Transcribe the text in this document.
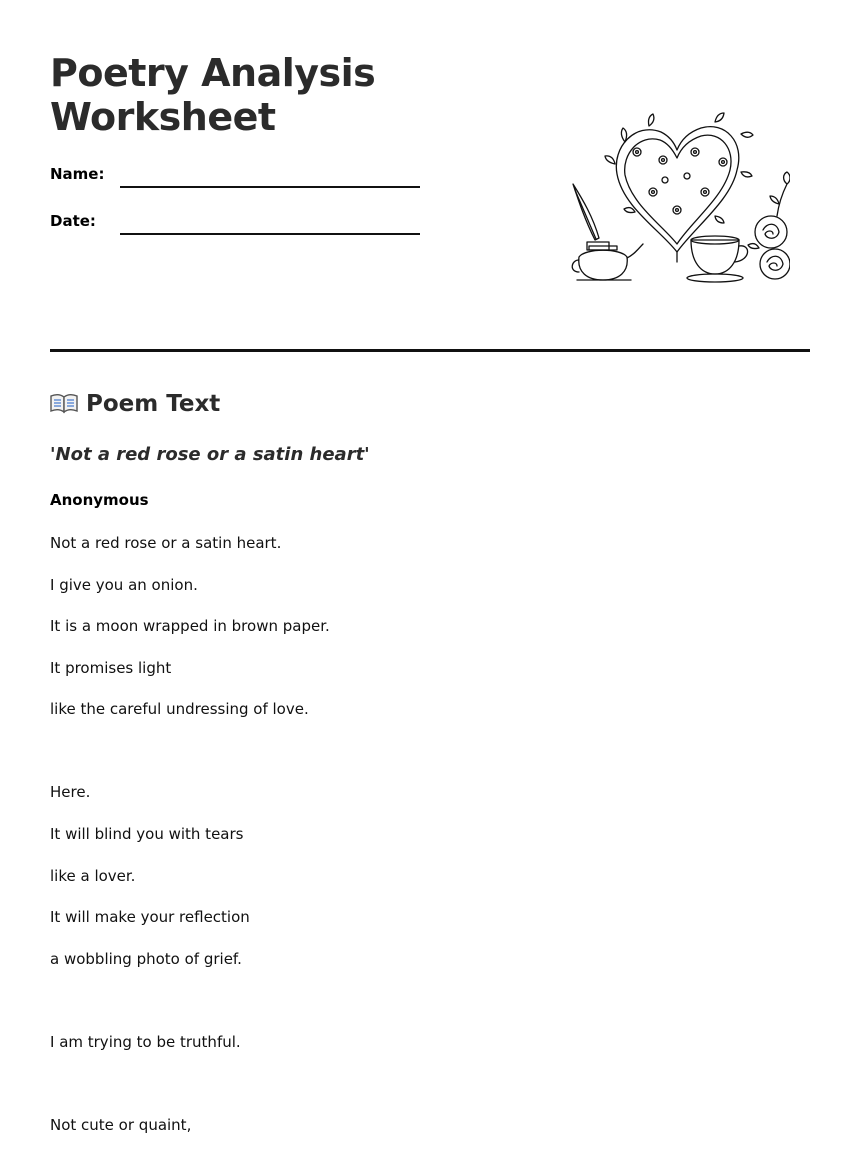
Poetry Analysis Worksheet
Name:
Date:
Poem Text
'Not a red rose or a satin heart'
Anonymous
Not a red rose or a satin heart.
I give you an onion.
It is a moon wrapped in brown paper.
It promises light
like the careful undressing of love.
Here.
It will blind you with tears
like a lover.
It will make your reflection
a wobbling photo of grief.
I am trying to be truthful.
Not cute or quaint,
